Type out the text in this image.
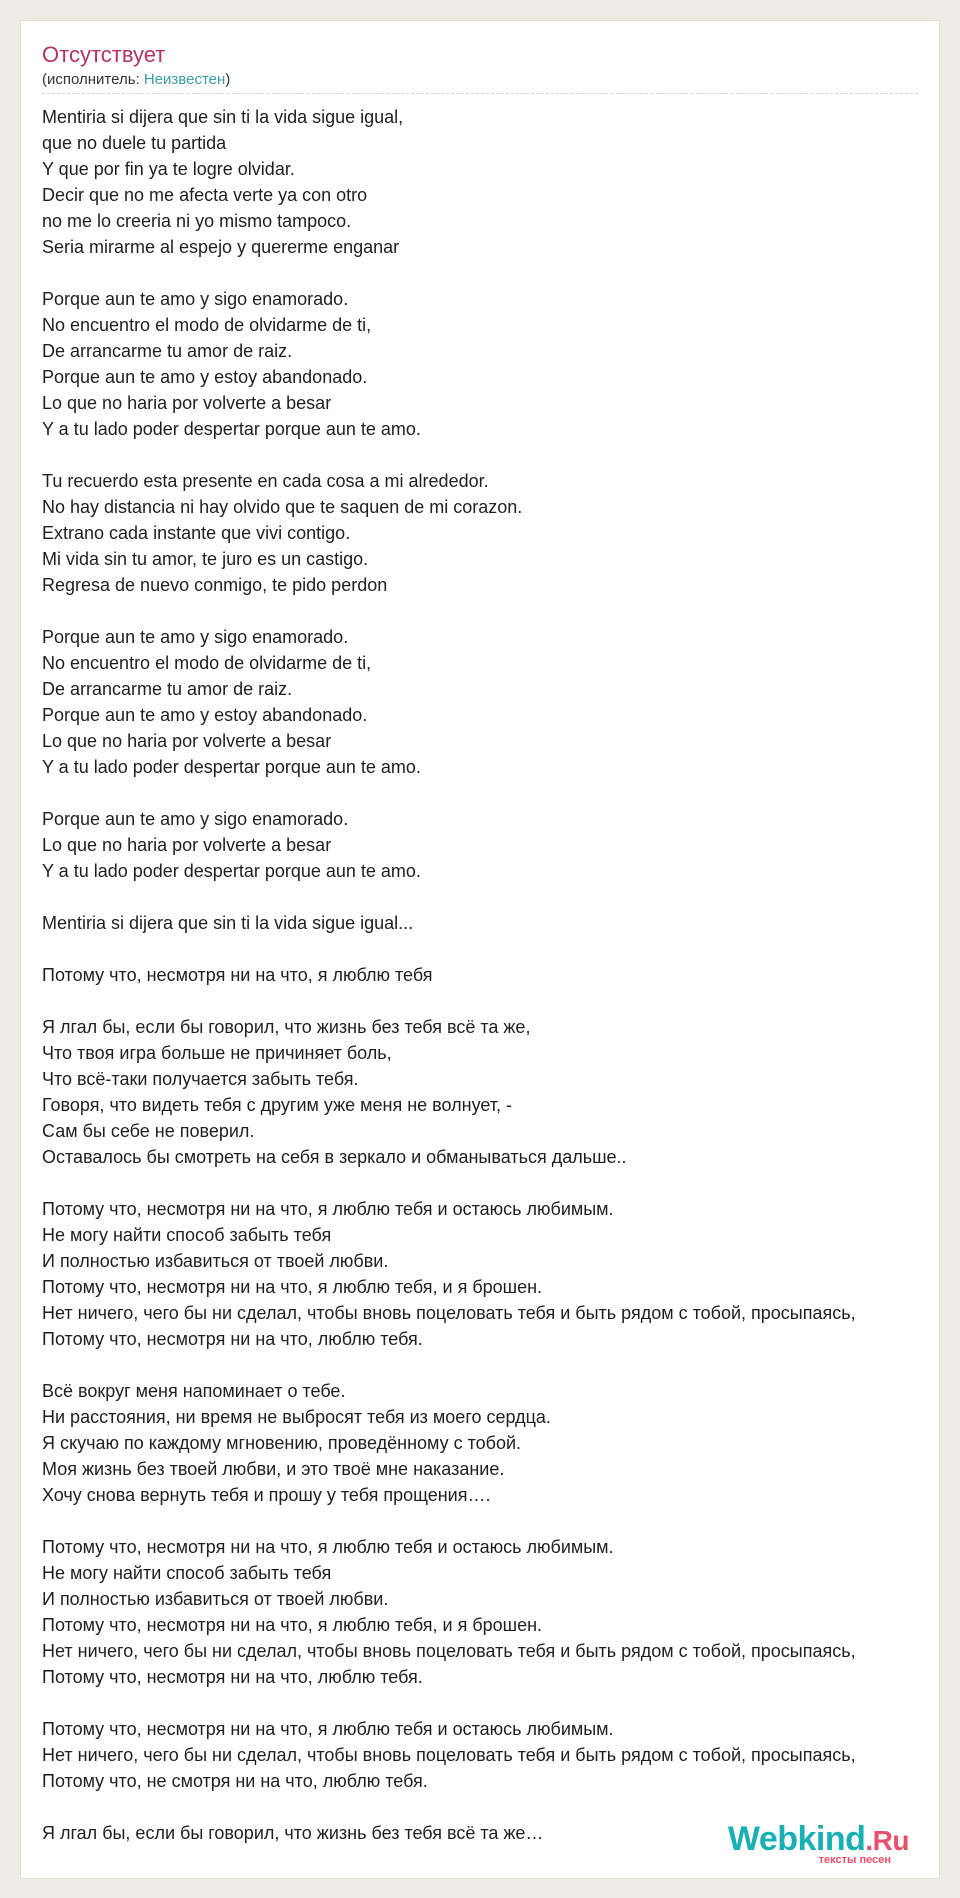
Отсутствует
(исполнитель: Неизвестен)
Mentiria si dijera que sin ti la vida sigue igual,
que no duele tu partida
Y que por fin ya te logre olvidar.
Decir que no me afecta verte ya con otro
no me lo creeria ni yo mismo tampoco.
Seria mirarme al espejo y quererme enganar
Porque aun te amo y sigo enamorado.
No encuentro el modo de olvidarme de ti,
De arrancarme tu amor de raiz.
Porque aun te amo y estoy abandonado.
Lo que no haria por volverte a besar
Y a tu lado poder despertar porque aun te amo.
Tu recuerdo esta presente en cada cosa a mi alrededor.
No hay distancia ni hay olvido que te saquen de mi corazon.
Extrano cada instante que vivi contigo.
Mi vida sin tu amor, te juro es un castigo.
Regresa de nuevo conmigo, te pido perdon
Porque aun te amo y sigo enamorado.
No encuentro el modo de olvidarme de ti,
De arrancarme tu amor de raiz.
Porque aun te amo y estoy abandonado.
Lo que no haria por volverte a besar
Y a tu lado poder despertar porque aun te amo.
Porque aun te amo y sigo enamorado.
Lo que no haria por volverte a besar
Y a tu lado poder despertar porque aun te amo.
Mentiria si dijera que sin ti la vida sigue igual...
Потому что, несмотря ни на что, я люблю тебя
Я лгал бы, если бы говорил, что жизнь без тебя всё та же,
Что твоя игра больше не причиняет боль,
Что всё-таки получается забыть тебя.
Говоря, что видеть тебя с другим уже меня не волнует, -
Сам бы себе не поверил.
Оставалось бы смотреть на себя в зеркало и обманываться дальше..
Потому что, несмотря ни на что, я люблю тебя и остаюсь любимым.
Не могу найти способ забыть тебя
И полностью избавиться от твоей любви.
Потому что, несмотря ни на что, я люблю тебя, и я брошен.
Нет ничего, чего бы ни сделал, чтобы вновь поцеловать тебя и быть рядом с тобой, просыпаясь,
Потому что, несмотря ни на что, люблю тебя.
Всё вокруг меня напоминает о тебе.
Ни расстояния, ни время не выбросят тебя из моего сердца.
Я скучаю по каждому мгновению, проведённому с тобой.
Моя жизнь без твоей любви, и это твоё мне наказание.
Хочу снова вернуть тебя и прошу у тебя прощения….
Потому что, несмотря ни на что, я люблю тебя и остаюсь любимым.
Не могу найти способ забыть тебя
И полностью избавиться от твоей любви.
Потому что, несмотря ни на что, я люблю тебя, и я брошен.
Нет ничего, чего бы ни сделал, чтобы вновь поцеловать тебя и быть рядом с тобой, просыпаясь,
Потому что, несмотря ни на что, люблю тебя.
Потому что, несмотря ни на что, я люблю тебя и остаюсь любимым.
Нет ничего, чего бы ни сделал, чтобы вновь поцеловать тебя и быть рядом с тобой, просыпаясь,
Потому что, не смотря ни на что, люблю тебя.
Я лгал бы, если бы говорил, что жизнь без тебя всё та же…	Webkind.Ru
тексты песен
